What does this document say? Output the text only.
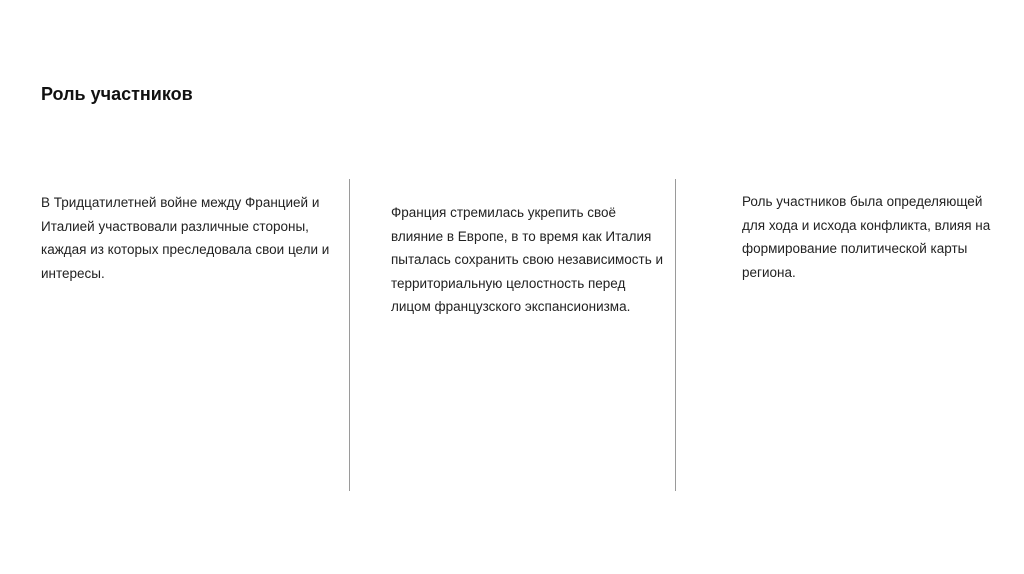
Роль участников

В Тридцатилетней войне между Францией и Италией участвовали различные стороны, каждая из которых преследовала свои цели и интересы.

Франция стремилась укрепить своё влияние в Европе, в то время как Италия пыталась сохранить свою независимость и территориальную целостность перед лицом французского экспансионизма.

Роль участников была определяющей для хода и исхода конфликта, влияя на формирование политической карты региона.
